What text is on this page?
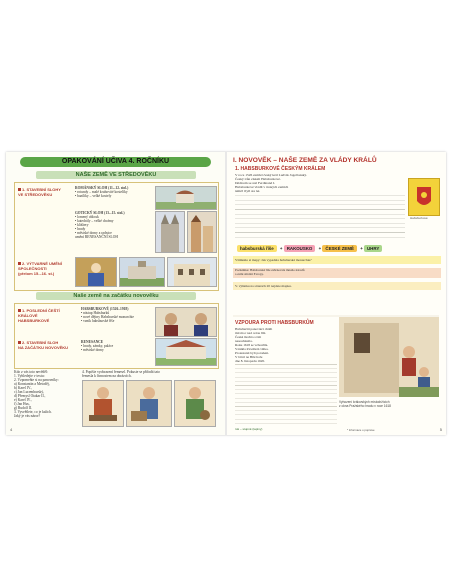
OPAKOVÁNÍ UČIVA 4. ROČNÍKU
NAŠE ZEMĚ VE STŘEDOVĚKU
1. STAVEBNÍ SLOHY
VE STŘEDOVĚKU
2. VÝTVARNÉ UMĚNÍ
SPOLEČNOSTI
(přelom 15.–16. st.)
ROMÁNSKÝ SLOH (11.–12. stol.)
• rotundy – malé kruhovité kostelíky
• baziliky – velké kostely
GOTICKÝ SLOH (13.–15. stol.)
• lomený oblouk
• katedrály – velké chrámy
• kláštery
• hrady
• městské domy a radnice
umění RENESANČNÍ SLOH
Naše země na začátku novověku
1. POSLEDNÍ ČEŠTÍ KRÁLOVÉ
HABSBURKOVÉ
2. STAVEBNÍ SLOH
NA ZAČÁTKU NOVOVĚKU
HABSBURKOVÉ (1526–1918)
• nástup Habsburků
• nové dějiny Habsburské monarchie
• vznik habsburské říše
RENESANCE
• hrady, zámky, paláce
• městské domy
Kdo z vás toto nevěděl:
1. Vyhledejte v textu:
2. Vzpomeňte si na panovníky:
a) Konstantin a Metoděj,
b) Karel IV.,
c) Jan Lucemburský,
d) Přemysl Otakar II.,
e) Karel IV.,
f) Jan Hus,
g) Rudolf II.
3. Vysvětlete, co je kalich.
Jaký je vás názor?
4. Popište vyobrazení řemesel. Pokuste se přiřadit tato
řemesla k činnostem na obrázcích.
4
I. NOVOVĚK – NAŠE ZEMĚ ZA VLÁDY KRÁLŮ
1. HABSBURKOVÉ ČESKÝM KRÁLEM
V roce 1526 zemřel český král Ludvík Jagellonský.
Český trůn získali Habsburkové.
Dědicem se stal Ferdinand I.
Habsburkové vládli v českých zemích
téměř čtyři sta let.
Habsburkové
habsburská říše + RAKOUSKO + ČESKÉ ZEMĚ + UHRY
Všimněte si mapy: Jak vypadala habsburská monarchie?
Poznámka: Habsburská říše zahrnovala mnoho národů
a zemí střední Evropy.
V. výňatku na stranách 20 najdete mapku.
VZPOURA PROTI HABSBURKŮM
Habsburští panovníci chtěli
mít moc nad celou říší.
Česká šlechta s tím
nesouhlasila.
Roku 1618 se vzbouřila.
Vznikla třicetiletá válka.
Protestanti byli poraženi.
V bitvě na Bílé hoře
dne 8. listopadu 1620.
Vyhození královských místodržících
z okna Pražského hradu v roce 1618
rok – stupně (tapiny)	* Informace o poprave	5
